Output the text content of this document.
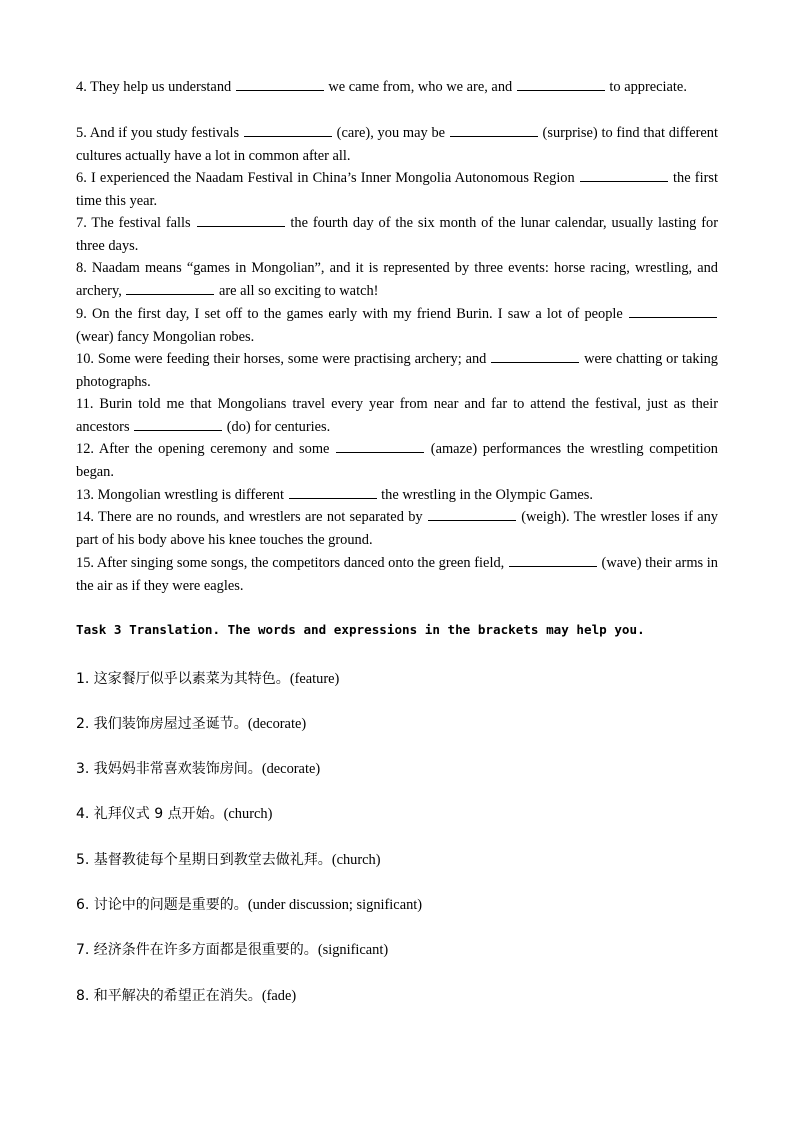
4. They help us understand	we came from, who we are, and	to appreciate.

5. And if you study festivals	(care), you may be	(surprise) to find that different cultures actually have a lot in common after all.

6. I experienced the Naadam Festival in China’s Inner Mongolia Autonomous Region	the first time this year.

7. The festival falls	the fourth day of the six month of the lunar calendar, usually lasting for three days.

8. Naadam means “games in Mongolian”, and it is represented by three events: horse racing, wrestling, and archery,	are all so exciting to watch!

9. On the first day, I set off to the games early with my friend Burin. I saw a lot of people  (wear) fancy Mongolian robes.

10. Some were feeding their horses, some were practising archery; and	were chatting or taking photographs.

11. Burin told me that Mongolians travel every year from near and far to attend the festival, just as their ancestors	(do) for centuries.

12. After the opening ceremony and some	(amaze) performances the wrestling competition began.

13. Mongolian wrestling is different	the wrestling in the Olympic Games.

14. There are no rounds, and wrestlers are not separated by	(weigh). The wrestler loses if any part of his body above his knee touches the ground.

15. After singing some songs, the competitors danced onto the green field,	(wave) their arms in the air as if they were eagles.

Task 3 Translation. The words and expressions in the brackets may help you.

1. 这家餐厅似乎以素菜为其特色。(feature)

2. 我们装饰房屋过圣诞节。(decorate)

3. 我妈妈非常喜欢装饰房间。(decorate)

4. 礼拜仪式 9 点开始。(church)

5. 基督教徒每个星期日到教堂去做礼拜。(church)

6. 讨论中的问题是重要的。(under discussion; significant)

7. 经济条件在许多方面都是很重要的。(significant)

8. 和平解决的希望正在消失。(fade)
